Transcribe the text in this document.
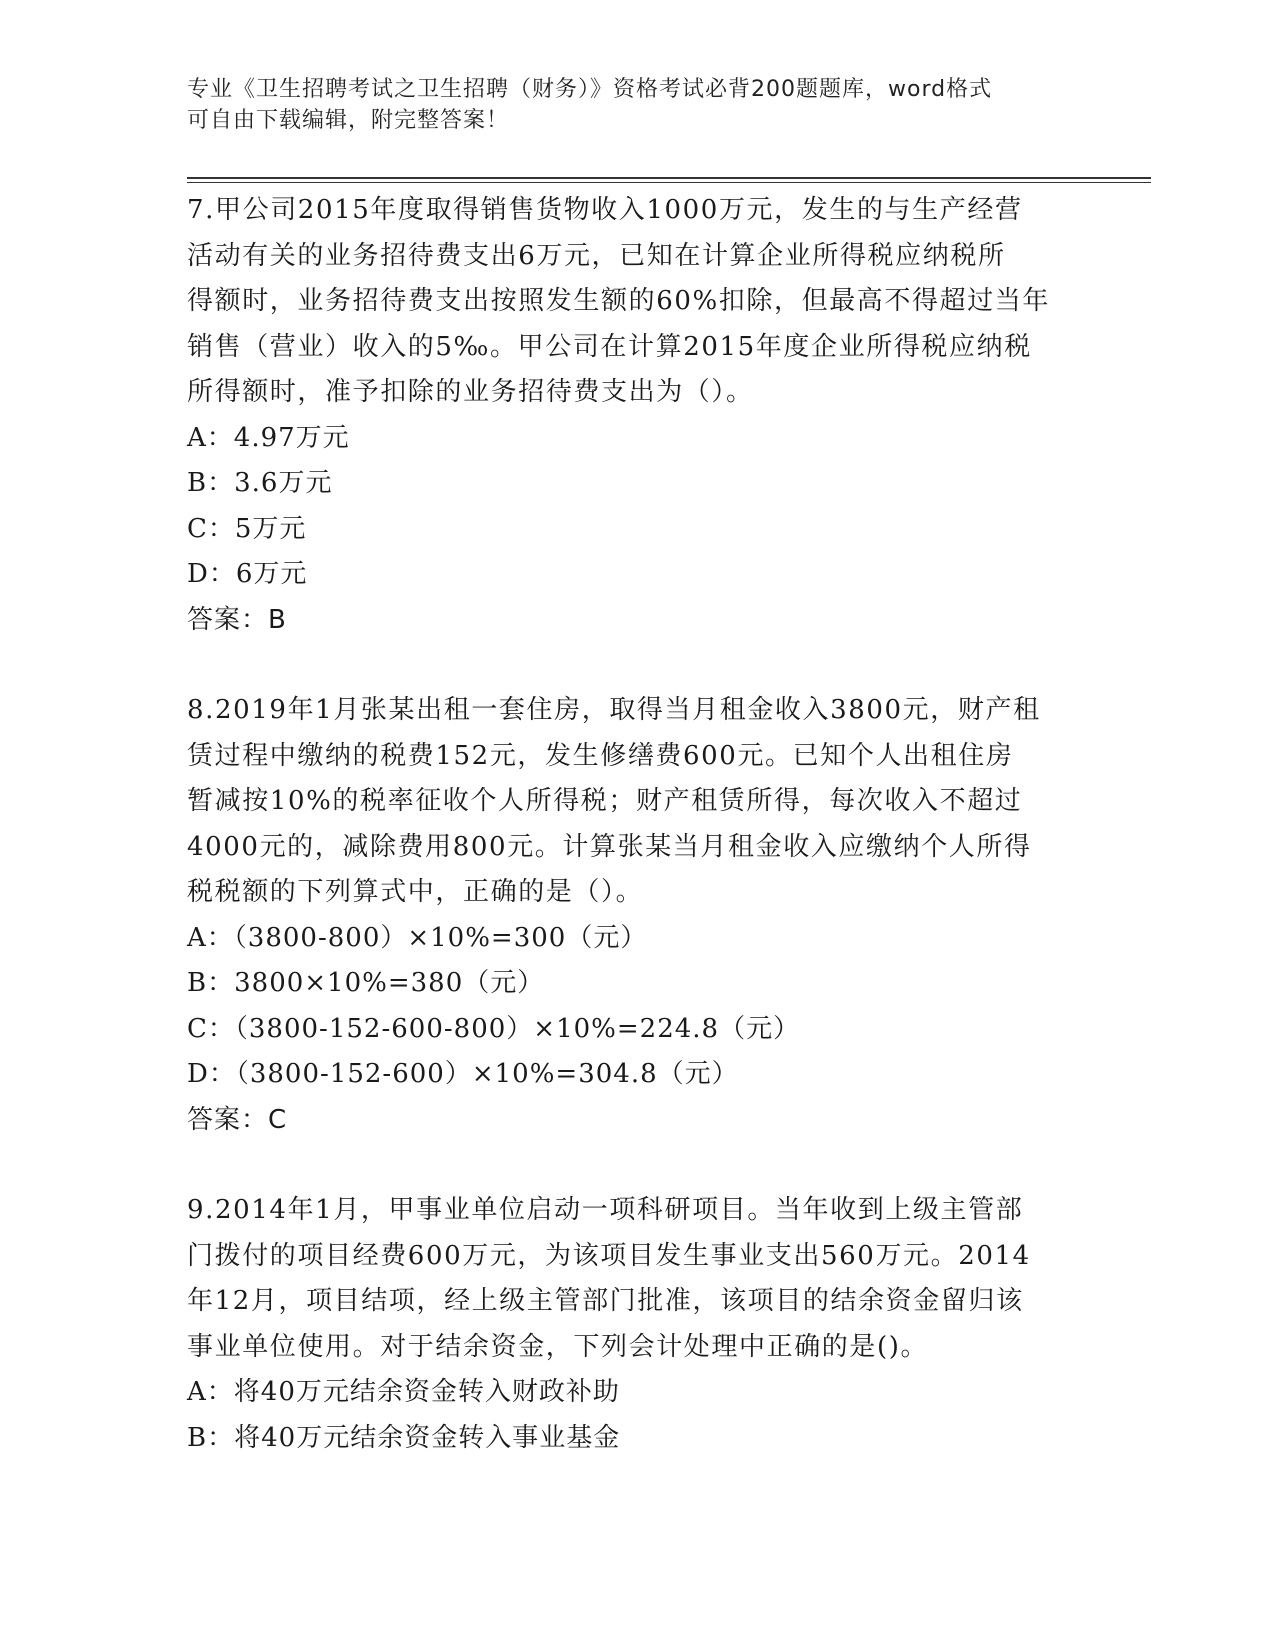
专业《卫生招聘考试之卫生招聘（财务）》资格考试必背200题题库，word格式
可自由下载编辑，附完整答案！
7.甲公司2015年度取得销售货物收入1000万元，发生的与生产经营
活动有关的业务招待费支出6万元，已知在计算企业所得税应纳税所
得额时，业务招待费支出按照发生额的60%扣除，但最高不得超过当年
销售（营业）收入的5‰。甲公司在计算2015年度企业所得税应纳税
所得额时，准予扣除的业务招待费支出为（）。
A：4.97万元
B：3.6万元
C：5万元
D：6万元
答案：B
8.2019年1月张某出租一套住房，取得当月租金收入3800元，财产租
赁过程中缴纳的税费152元，发生修缮费600元。已知个人出租住房
暂减按10%的税率征收个人所得税；财产租赁所得，每次收入不超过
4000元的，减除费用800元。计算张某当月租金收入应缴纳个人所得
税税额的下列算式中，正确的是（）。
A：（3800-800）×10%=300（元）
B：3800×10%=380（元）
C：（3800-152-600-800）×10%=224.8（元）
D：（3800-152-600）×10%=304.8（元）
答案：C
9.2014年1月，甲事业单位启动一项科研项目。当年收到上级主管部
门拨付的项目经费600万元，为该项目发生事业支出560万元。2014
年12月，项目结项，经上级主管部门批准，该项目的结余资金留归该
事业单位使用。对于结余资金，下列会计处理中正确的是()。
A：将40万元结余资金转入财政补助
B：将40万元结余资金转入事业基金
